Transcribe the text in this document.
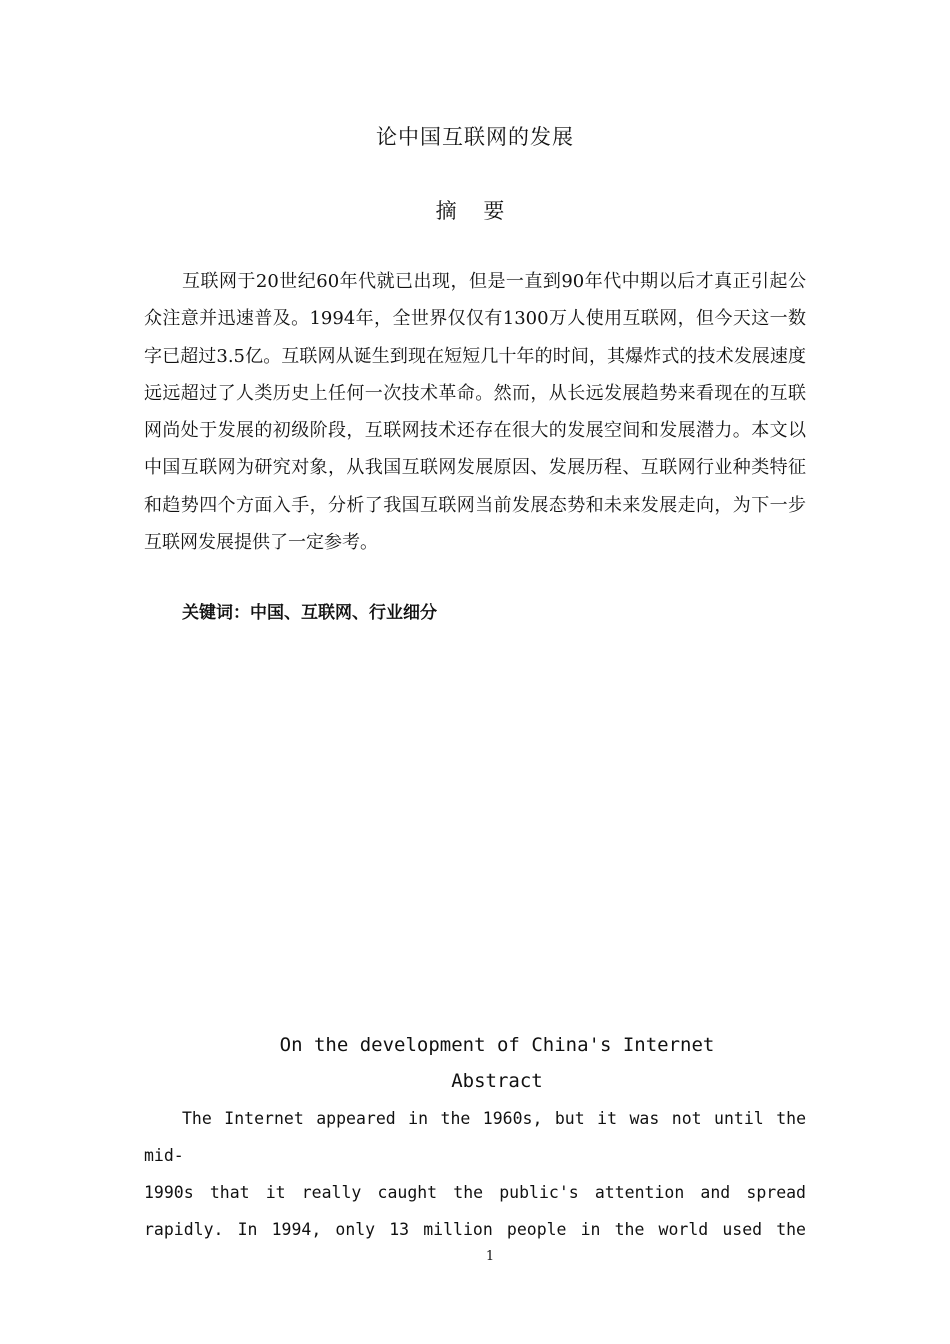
论中国互联网的发展
摘 要

互联网于20世纪60年代就已出现，但是一直到90年代中期以后才真正引起公众注意并迅速普及。1994年，全世界仅仅有1300万人使用互联网，但今天这一数字已超过3.5亿。互联网从诞生到现在短短几十年的时间，其爆炸式的技术发展速度远远超过了人类历史上任何一次技术革命。然而，从长远发展趋势来看现在的互联网尚处于发展的初级阶段，互联网技术还存在很大的发展空间和发展潜力。本文以中国互联网为研究对象，从我国互联网发展原因、发展历程、互联网行业种类特征和趋势四个方面入手，分析了我国互联网当前发展态势和未来发展走向，为下一步互联网发展提供了一定参考。

关键词：中国、互联网、行业细分
On the development of China's Internet
Abstract

The Internet appeared in the 1960s, but it was not until the mid-
1990s that it really caught the public's attention and spread
rapidly. In 1994, only 13 million people in the world used the

1
